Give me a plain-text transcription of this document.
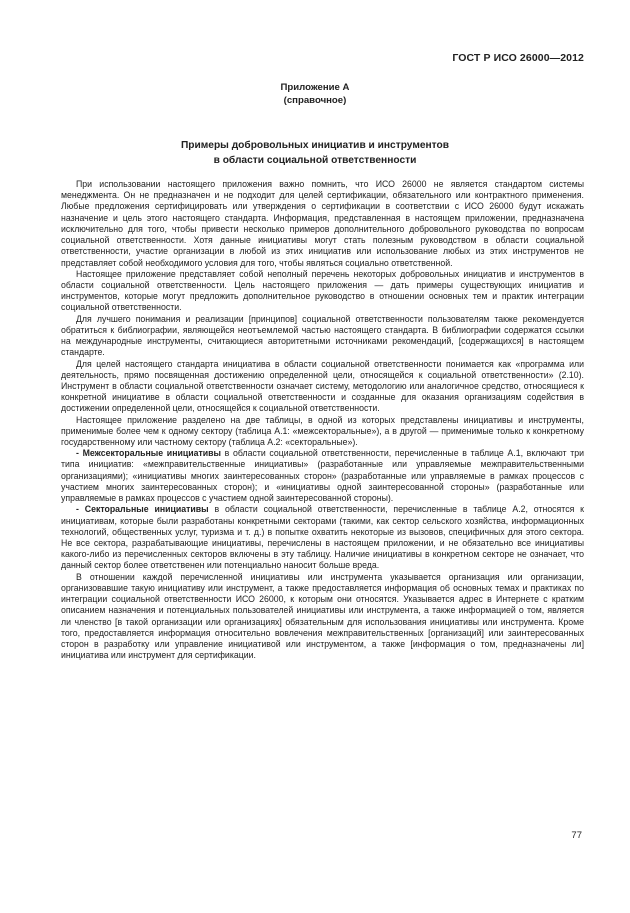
ГОСТ Р ИСО 26000—2012
Приложение А
(справочное)
Примеры добровольных инициатив и инструментов
в области социальной ответственности

При использовании настоящего приложения важно помнить, что ИСО 26000 не является стандартом системы менеджмента. Он не предназначен и не подходит для целей сертификации, обязательного или контрактного применения. Любые предложения сертифицировать или утверждения о сертификации в соответствии с ИСО 26000 будут искажать назначение и цель этого настоящего стандарта. Информация, представленная в настоящем приложении, предназначена исключительно для того, чтобы привести несколько примеров дополнительного добровольного руководства по вопросам социальной ответственности. Хотя данные инициативы могут стать полезным руководством в области социальной ответственности, участие организации в любой из этих инициатив или использование любых из этих инструментов не представляет собой необходимого условия для того, чтобы являться социально ответственной.

Настоящее приложение представляет собой неполный перечень некоторых добровольных инициатив и инструментов в области социальной ответственности. Цель настоящего приложения — дать примеры существующих инициатив и инструментов, которые могут предложить дополнительное руководство в отношении основных тем и практик интеграции социальной ответственности.

Для лучшего понимания и реализации [принципов] социальной ответственности пользователям также рекомендуется обратиться к библиографии, являющейся неотъемлемой частью настоящего стандарта. В библиографии содержатся ссылки на международные инструменты, считающиеся авторитетными источниками рекомендаций, [содержащихся] в настоящем стандарте.

Для целей настоящего стандарта инициатива в области социальной ответственности понимается как «программа или деятельность, прямо посвященная достижению определенной цели, относящейся к социальной ответственности» (2.10). Инструмент в области социальной ответственности означает систему, методологию или аналогичное средство, относящиеся к конкретной инициативе в области социальной ответственности и созданные для оказания организациям содействия в достижении определенной цели, относящейся к социальной ответственности.

Настоящее приложение разделено на две таблицы, в одной из которых представлены инициативы и инструменты, применимые более чем к одному сектору (таблица А.1: «межсекторальные»), а в другой — применимые только к конкретному государственному или частному сектору (таблица А.2: «секторальные»).

- Межсекторальные инициативы в области социальной ответственности, перечисленные в таблице А.1, включают три типа инициатив: «межправительственные инициативы» (разработанные или управляемые межправительственными организациями); «инициативы многих заинтересованных сторон» (разработанные или управляемые в рамках процессов с участием многих заинтересованных сторон); и «инициативы одной заинтересованной стороны» (разработанные или управляемые в рамках процессов с участием одной заинтересованной стороны).

- Секторальные инициативы в области социальной ответственности, перечисленные в таблице А.2, относятся к инициативам, которые были разработаны конкретными секторами (такими, как сектор сельского хозяйства, информационных технологий, общественных услуг, туризма и т. д.) в попытке охватить некоторые из вызовов, специфичных для этого сектора. Не все сектора, разрабатывающие инициативы, перечислены в настоящем приложении, и не обязательно все инициативы какого-либо из перечисленных секторов включены в эту таблицу. Наличие инициативы в конкретном секторе не означает, что данный сектор более ответственен или потенциально наносит больше вреда.

В отношении каждой перечисленной инициативы или инструмента указывается организация или организации, организовавшие такую инициативу или инструмент, а также предоставляется информация об основных темах и практиках по интеграции социальной ответственности ИСО 26000, к которым они относятся. Указывается адрес в Интернете с кратким описанием назначения и потенциальных пользователей инициативы или инструмента, а также информацией о том, является ли членство [в такой организации или организациях] обязательным для использования инициативы или инструмента. Кроме того, предоставляется информация относительно вовлечения межправительственных [организаций] или заинтересованных сторон в разработку или управление инициативой или инструментом, а также [информация о том, предназначены ли] инициатива или инструмент для сертификации.

77
